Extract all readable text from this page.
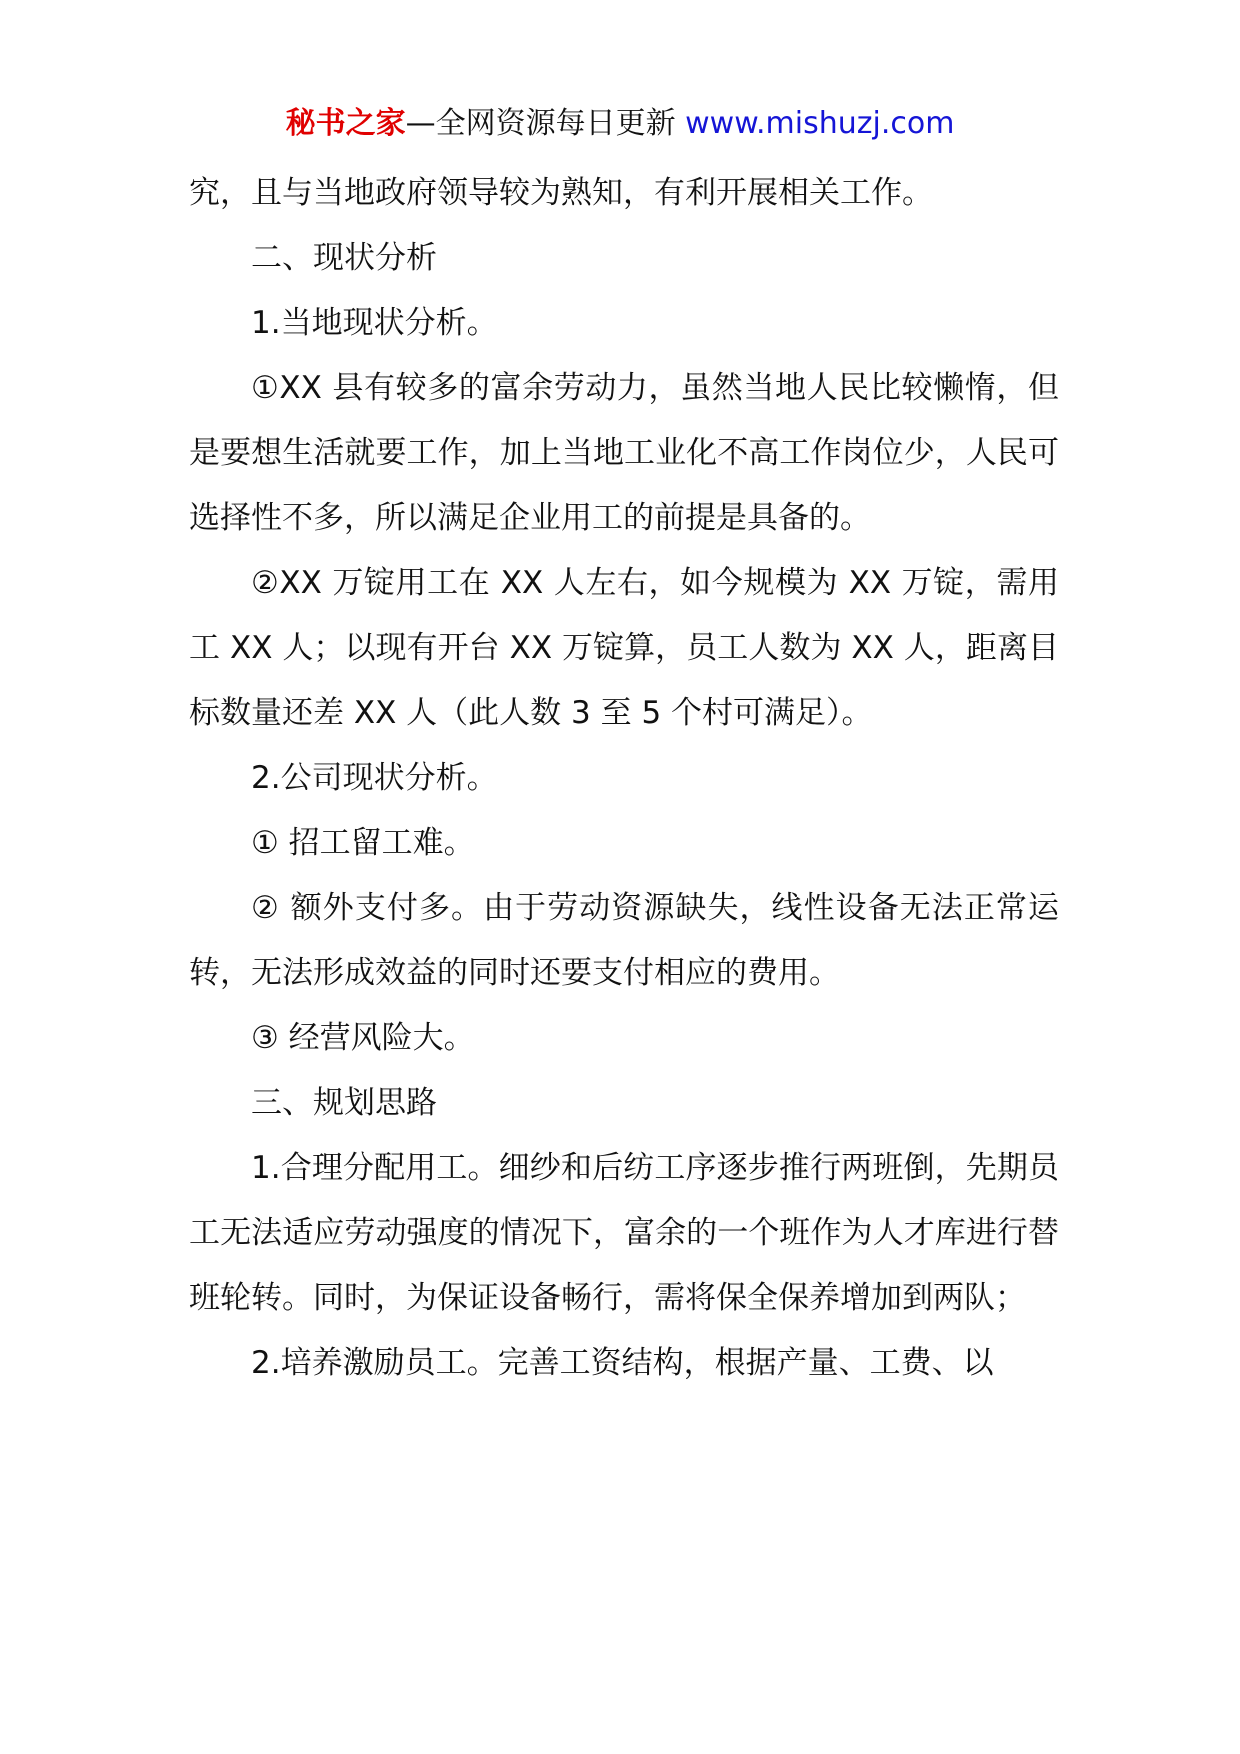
秘书之家—全网资源每日更新 www.mishuzj.com

究，且与当地政府领导较为熟知，有利开展相关工作。

二、现状分析

1.当地现状分析。

①XX 县有较多的富余劳动力，虽然当地人民比较懒惰，但是要想生活就要工作，加上当地工业化不高工作岗位少，人民可选择性不多，所以满足企业用工的前提是具备的。

②XX 万锭用工在 XX 人左右，如今规模为 XX 万锭，需用工 XX 人；以现有开台 XX 万锭算，员工人数为 XX 人，距离目标数量还差 XX 人（此人数 3 至 5 个村可满足）。

2.公司现状分析。

① 招工留工难。

② 额外支付多。由于劳动资源缺失，线性设备无法正常运转，无法形成效益的同时还要支付相应的费用。

③ 经营风险大。

三、规划思路

1.合理分配用工。细纱和后纺工序逐步推行两班倒，先期员工无法适应劳动强度的情况下，富余的一个班作为人才库进行替班轮转。同时，为保证设备畅行，需将保全保养增加到两队；

2.培养激励员工。完善工资结构，根据产量、工费、以
